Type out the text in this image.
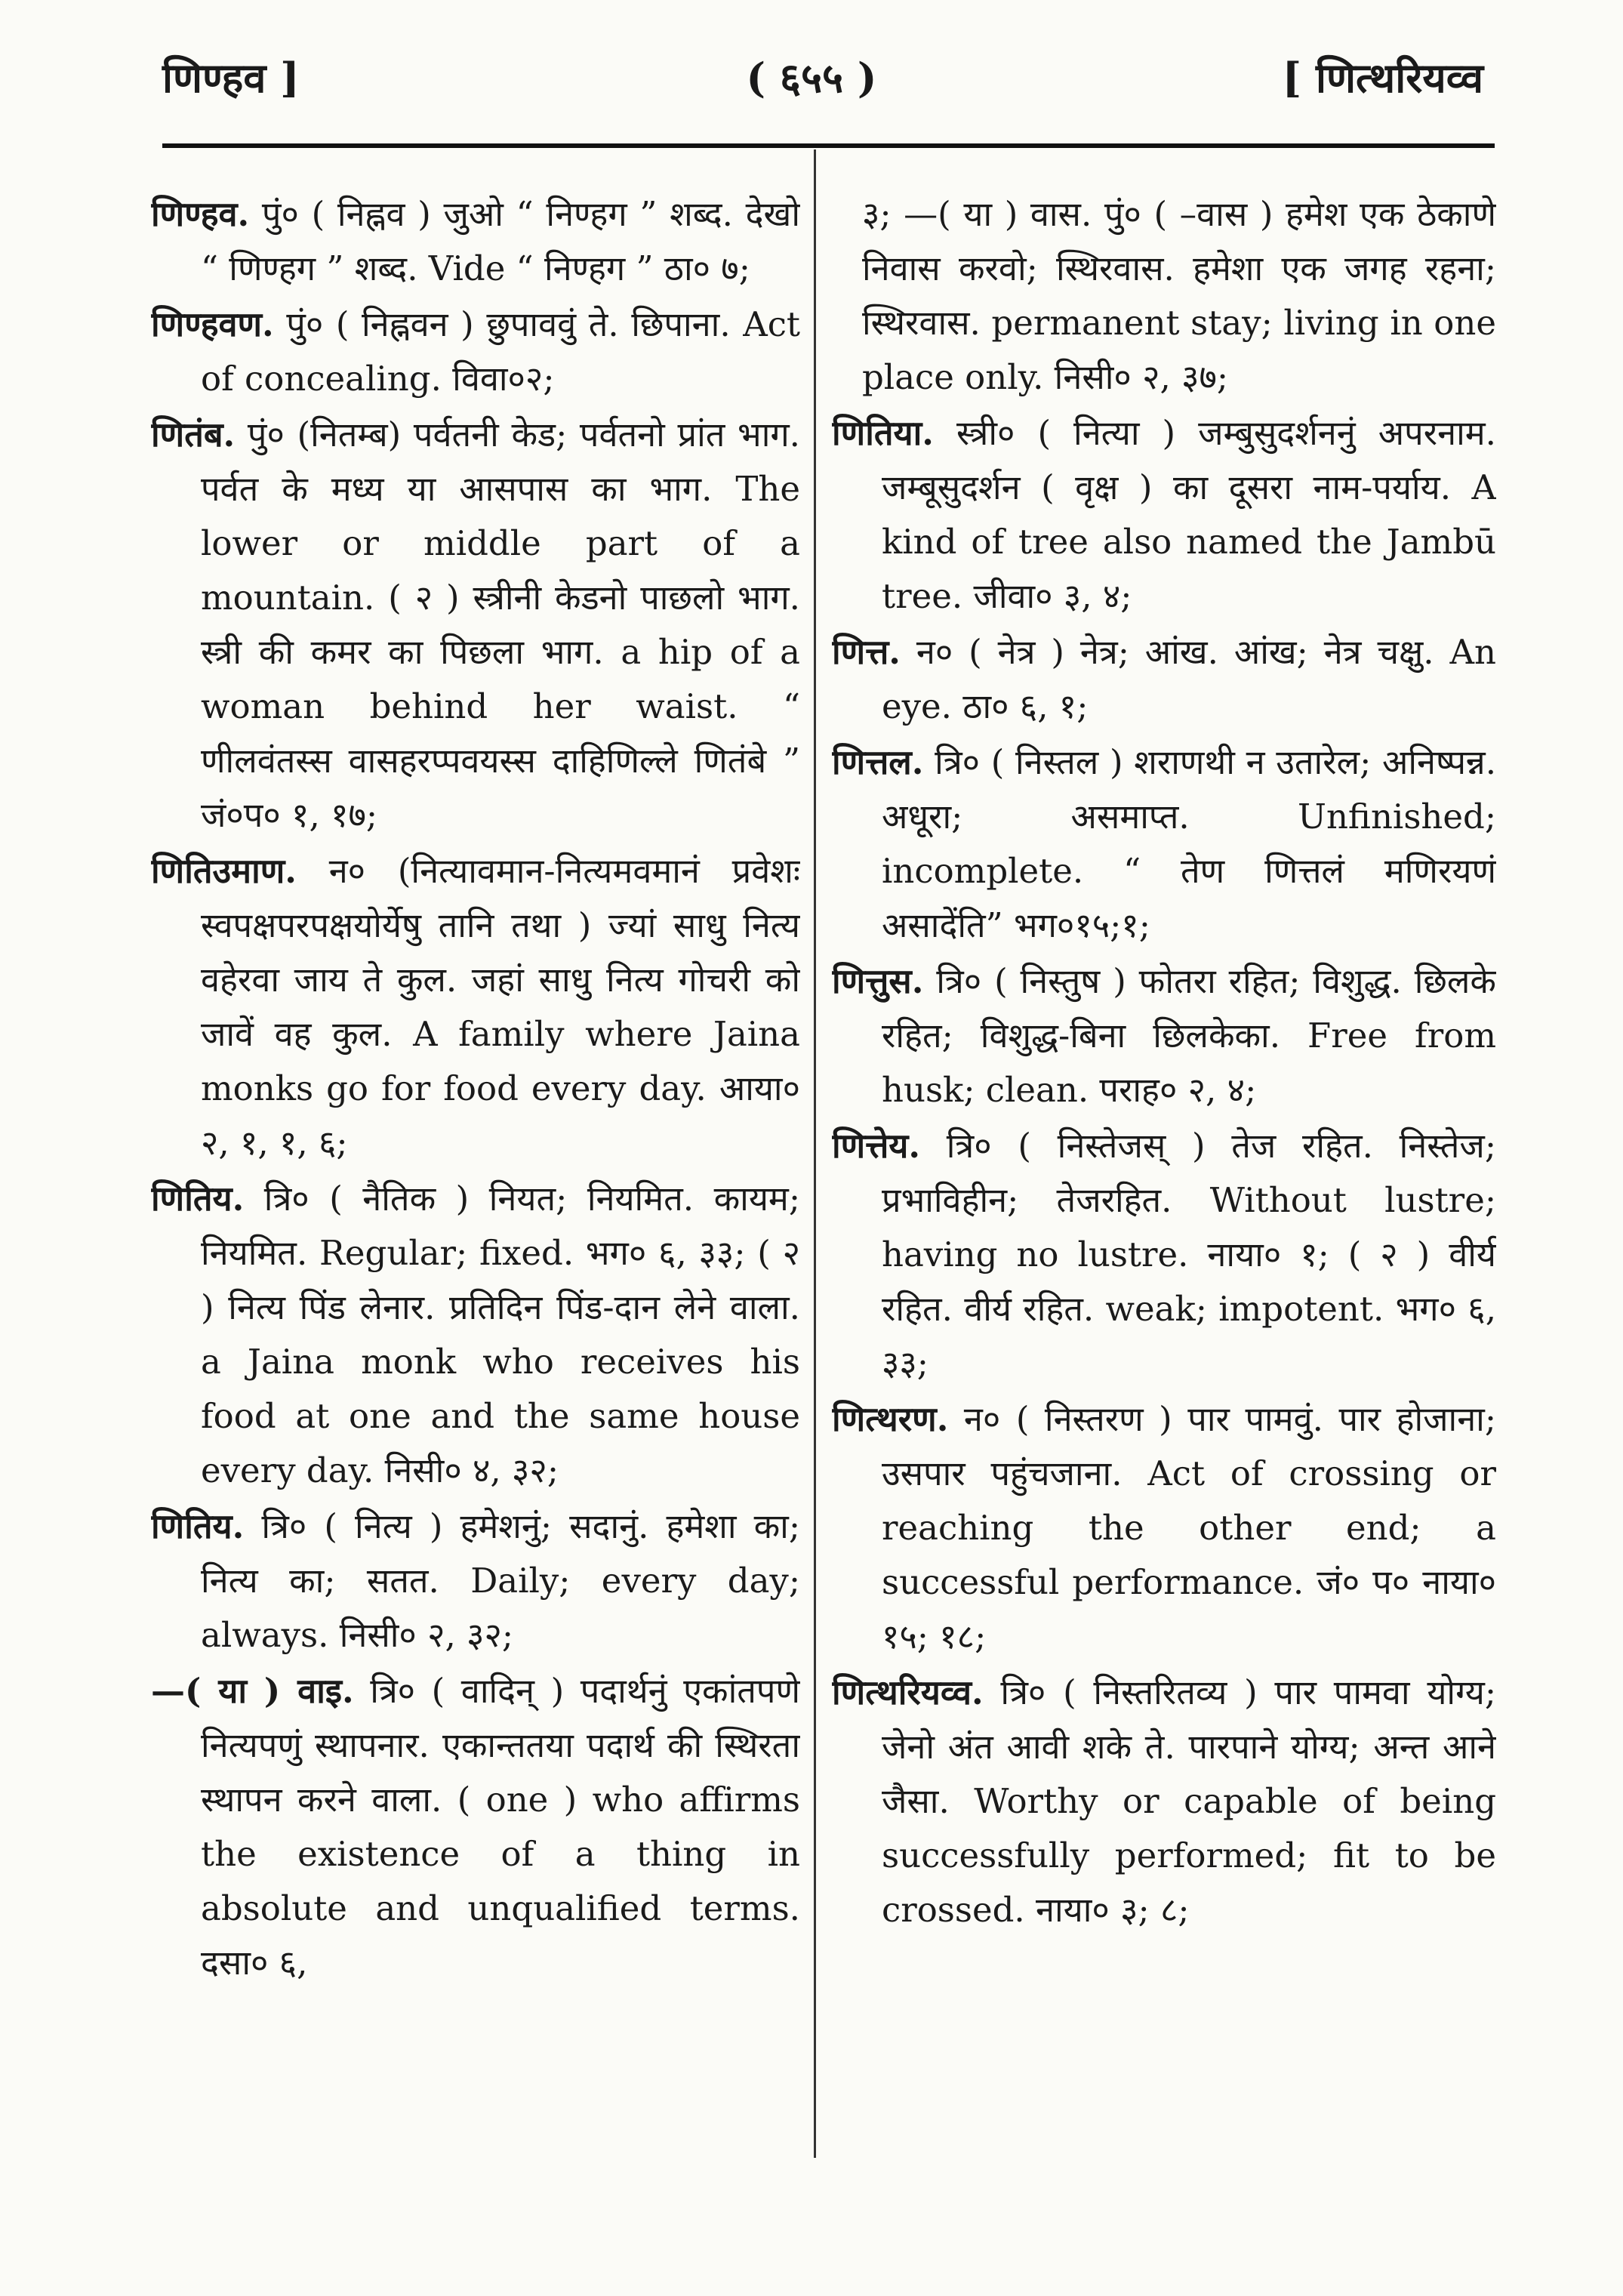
( ६५५ )
णिण्हव ]	[ णित्थरियव्व

णिण्हव. पुं० ( निह्नव ) जुओ “ निण्हग ” शब्द. देखो “ णिण्हग ” शब्द. Vide “ निण्हग ” ठा० ७;

णिण्हवण. पुं० ( निह्नवन ) छुपाववुं ते. छिपाना. Act of concealing. विवा०२;

णितंब. पुं० (नितम्ब) पर्वतनी केड; पर्वतनो प्रांत भाग. पर्वत के मध्य या आसपास का भाग. The lower or middle part of a mountain. ( २ ) स्त्रीनी केडनो पाछलो भाग. स्त्री की कमर का पिछला भाग. a hip of a woman behind her waist. “ णीलवंतस्स वासहरप्पवयस्स दाहिणिल्ले णितंबे ” जं०प० १, १७;

णितिउमाण. न० (नित्यावमान-नित्यमवमानं प्रवेशः स्वपक्षपरपक्षयोर्येषु तानि तथा ) ज्यां साधु नित्य वहेरवा जाय ते कुल. जहां साधु नित्य गोचरी को जावें वह कुल. A family where Jaina monks go for food every day. आया० २, १, १, ६;

णितिय. त्रि० ( नैतिक ) नियत; नियमित. कायम; नियमित. Regular; fixed. भग० ६, ३३; ( २ ) नित्य पिंड लेनार. प्रतिदिन पिंड-दान लेने वाला. a Jaina monk who receives his food at one and the same house every day. निसी० ४, ३२;

णितिय. त्रि० ( नित्य ) हमेशनुं; सदानुं. हमेशा का; नित्य का; सतत. Daily; every day; always. निसी० २, ३२;

—( या ) वाइ. त्रि० ( वादिन् ) पदार्थनुं एकांतपणे नित्यपणुं स्थापनार. एकान्ततया पदार्थ की स्थिरता स्थापन करने वाला. ( one ) who affirms the existence of a thing in absolute and unqualified terms. दसा० ६,

३; —( या ) वास. पुं० ( –वास ) हमेश एक ठेकाणे निवास करवो; स्थिरवास. हमेशा एक जगह रहना; स्थिरवास. permanent stay; living in one place only. निसी० २, ३७;

णितिया. स्त्री० ( नित्या ) जम्बुसुदर्शननुं अपरनाम. जम्बूसुदर्शन ( वृक्ष ) का दूसरा नाम-पर्याय. A kind of tree also named the Jambū tree. जीवा० ३, ४;

णित्त. न० ( नेत्र ) नेत्र; आंख. आंख; नेत्र चक्षु. An eye. ठा० ६, १;

णित्तल. त्रि० ( निस्तल ) शराणथी न उतारेल; अनिष्पन्न. अधूरा; असमाप्त. Unfinished; incomplete. “ तेण णित्तलं मणिरयणं असादेंति” भग०१५;१;

णित्तुस. त्रि० ( निस्तुष ) फोतरा रहित; विशुद्ध. छिलके रहित; विशुद्ध-बिना छिलकेका. Free from husk; clean. पराह० २, ४;

णित्तेय. त्रि० ( निस्तेजस् ) तेज रहित. निस्तेज; प्रभाविहीन; तेजरहित. Without lustre; having no lustre. नाया० १; ( २ ) वीर्य रहित. वीर्य रहित. weak; impotent. भग० ६, ३३;

णित्थरण. न० ( निस्तरण ) पार पामवुं. पार होजाना; उसपार पहुंचजाना. Act of crossing or reaching the other end; a successful performance. जं० प० नाया० १५; १८;

णित्थरियव्व. त्रि० ( निस्तरितव्य ) पार पामवा योग्य; जेनो अंत आवी शके ते. पारपाने योग्य; अन्त आने जैसा. Worthy or capable of being successfully performed; fit to be crossed. नाया० ३; ८;
